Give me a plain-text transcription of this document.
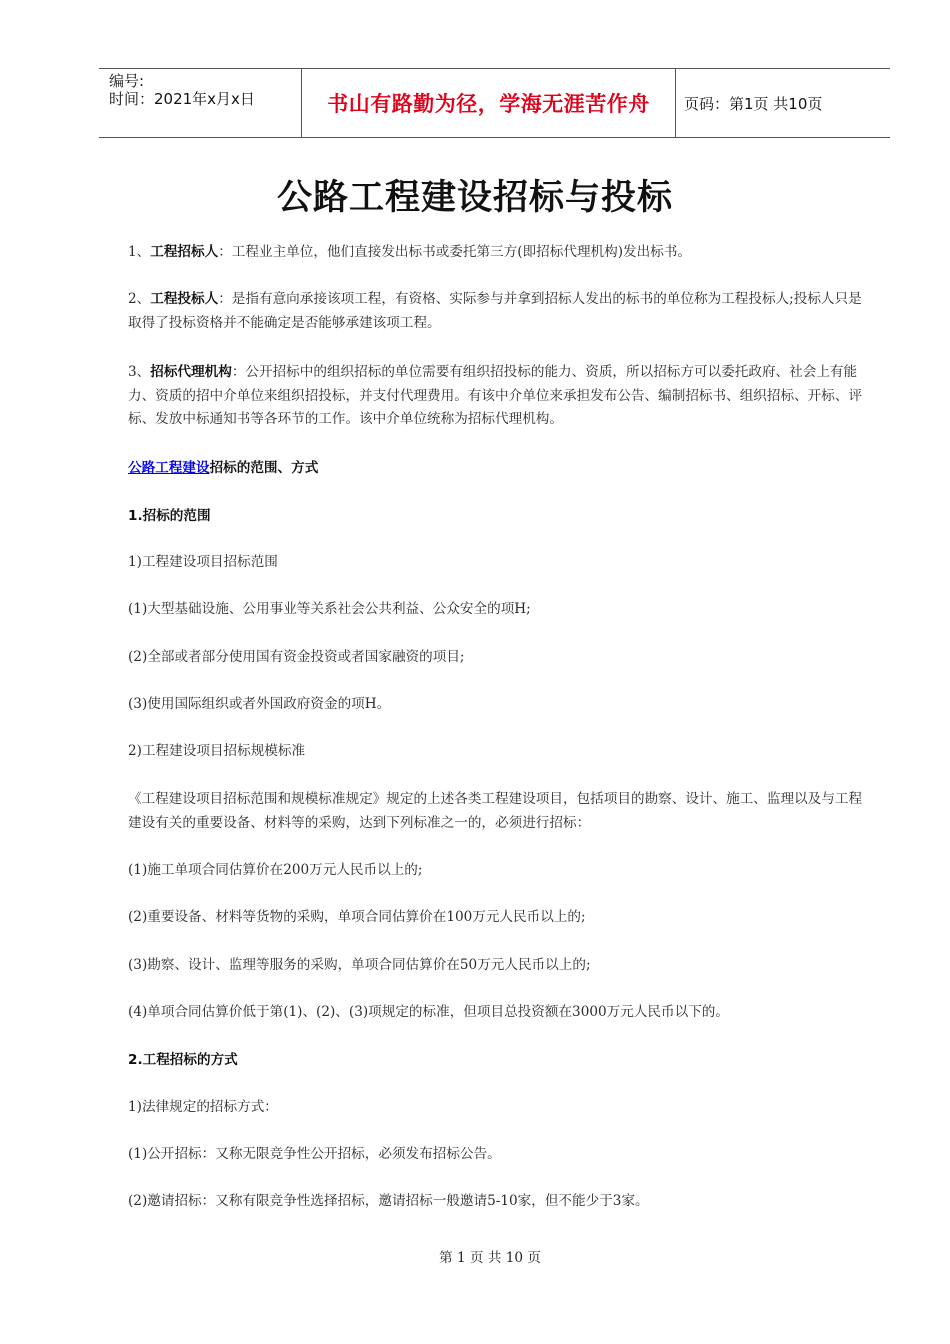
编号:
时间：2021年x月x日	书山有路勤为径，学海无涯苦作舟	页码：第1页 共10页
公路工程建设招标与投标
1、工程招标人：工程业主单位，他们直接发出标书或委托第三方(即招标代理机构)发出标书。
2、工程投标人：是指有意向承接该项工程，有资格、实际参与并拿到招标人发出的标书的单位称为工程投标人;投标人只是取得了投标资格并不能确定是否能够承建该项工程。
3、招标代理机构：公开招标中的组织招标的单位需要有组织招投标的能力、资质，所以招标方可以委托政府、社会上有能力、资质的招中介单位来组织招投标，并支付代理费用。有该中介单位来承担发布公告、编制招标书、组织招标、开标、评标、发放中标通知书等各环节的工作。该中介单位统称为招标代理机构。
公路工程建设招标的范围、方式
1.招标的范围
1)工程建设项目招标范围
(1)大型基础设施、公用事业等关系社会公共利益、公众安全的项H;
(2)全部或者部分使用国有资金投资或者国家融资的项目;
(3)使用国际组织或者外国政府资金的项H。
2)工程建设项目招标规模标准
《工程建设项目招标范围和规模标准规定》规定的上述各类工程建设项目，包括项目的勘察、设计、施工、监理以及与工程建设有关的重要设备、材料等的采购，达到下列标准之一的，必须进行招标：
(1)施工单项合同估算价在200万元人民币以上的;
(2)重要设备、材料等货物的采购，单项合同估算价在100万元人民币以上的;
(3)勘察、设计、监理等服务的采购，单项合同估算价在50万元人民币以上的;
(4)单项合同估算价低于第(1)、(2)、(3)项规定的标准，但项目总投资额在3000万元人民币以下的。
2.工程招标的方式
1)法律规定的招标方式：
(1)公开招标：又称无限竞争性公开招标，必须发布招标公告。
(2)邀请招标：又称有限竞争性选择招标，邀请招标一般邀请5-10家，但不能少于3家。
第 1 页 共 10 页
